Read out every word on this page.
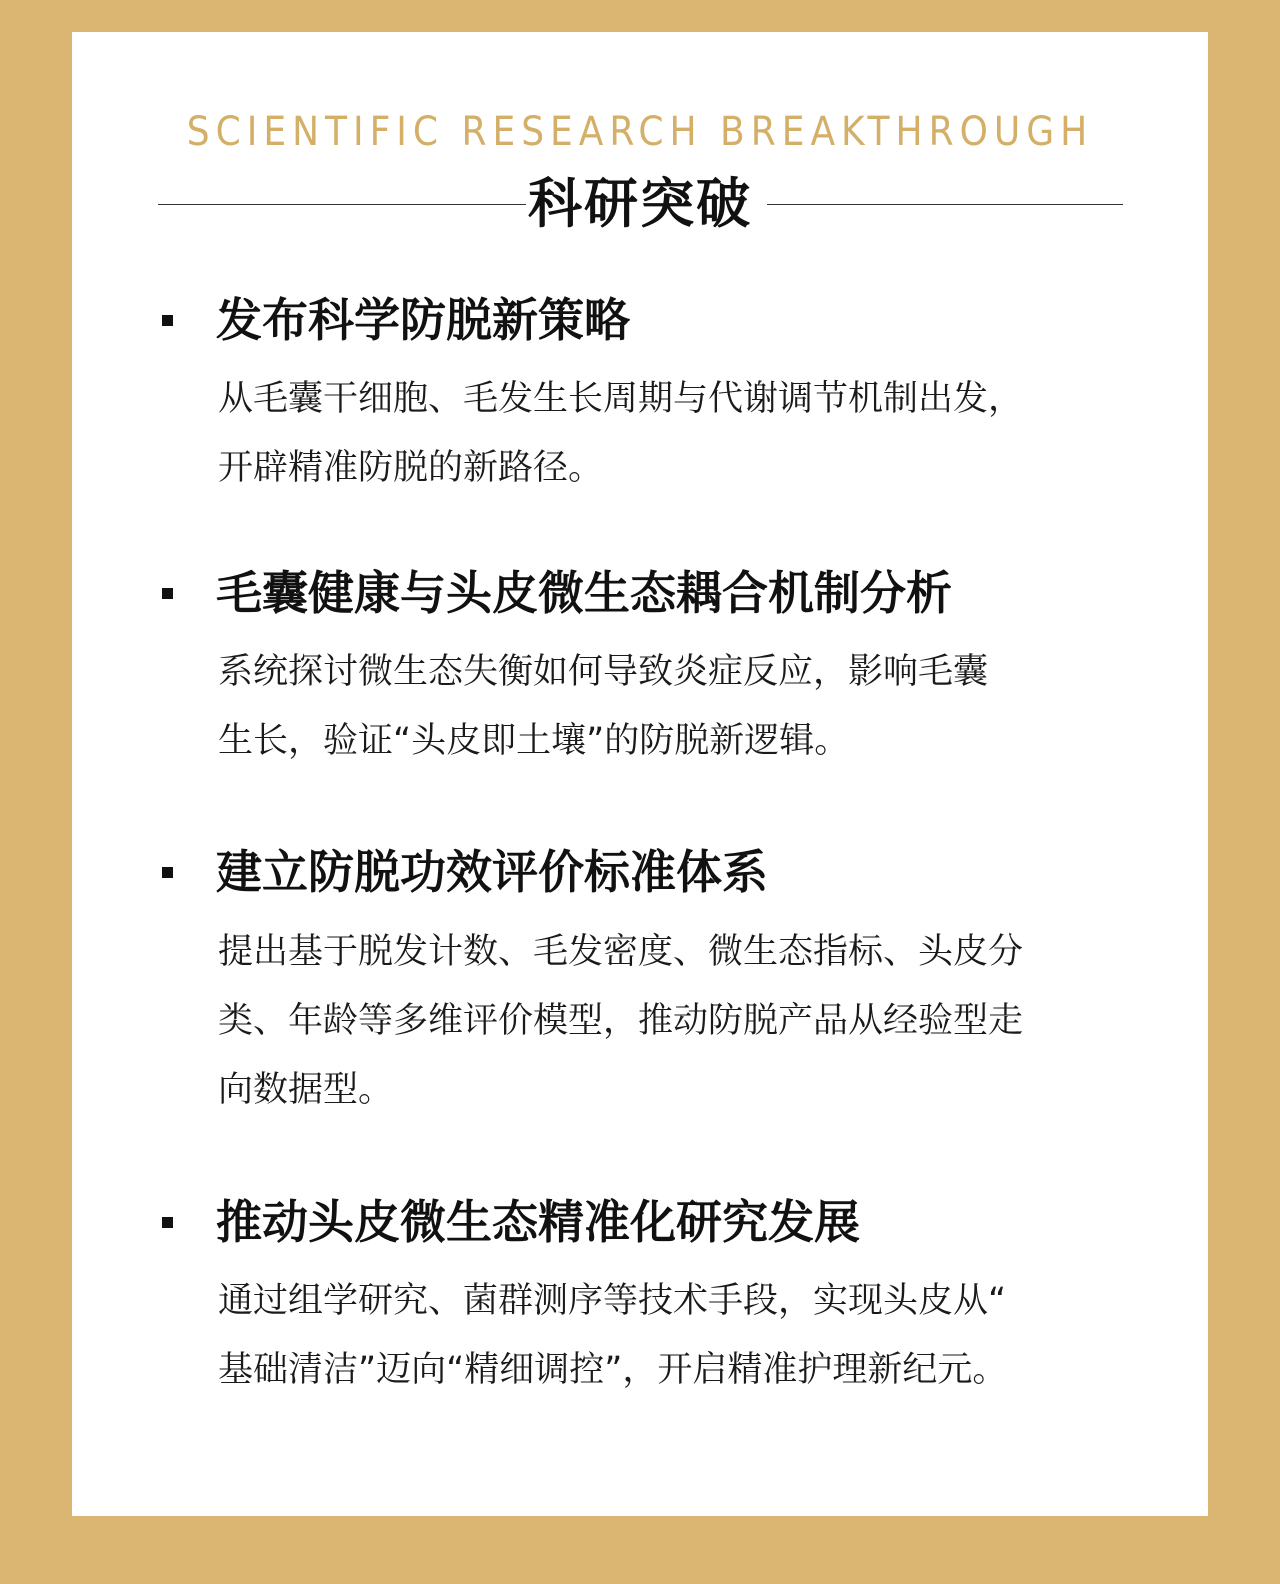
SCIENTIFIC RESEARCH BREAKTHROUGH
科研突破
发布科学防脱新策略
从毛囊干细胞、毛发生长周期与代谢调节机制出发，
开辟精准防脱的新路径。
毛囊健康与头皮微生态耦合机制分析
系统探讨微生态失衡如何导致炎症反应，影响毛囊
生长，验证“头皮即土壤”的防脱新逻辑。
建立防脱功效评价标准体系
提出基于脱发计数、毛发密度、微生态指标、头皮分
类、年龄等多维评价模型，推动防脱产品从经验型走
向数据型。
推动头皮微生态精准化研究发展
通过组学研究、菌群测序等技术手段，实现头皮从“
基础清洁”迈向“精细调控”，开启精准护理新纪元。
